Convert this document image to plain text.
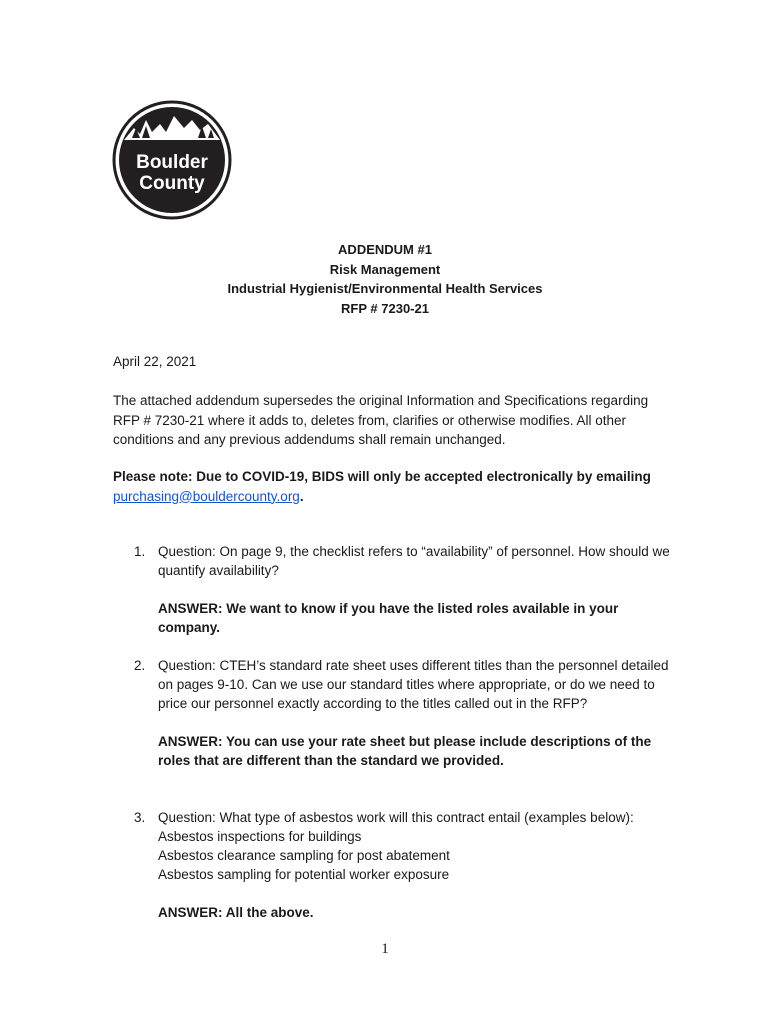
Boulder
County
ADDENDUM #1
Risk Management
Industrial Hygienist/Environmental Health Services
RFP # 7230-21
April 22, 2021
The attached addendum supersedes the original Information and Specifications regarding RFP # 7230-21 where it adds to, deletes from, clarifies or otherwise modifies. All other conditions and any previous addendums shall remain unchanged.
Please note: Due to COVID-19, BIDS will only be accepted electronically by emailing purchasing@bouldercounty.org.
1. Question: On page 9, the checklist refers to “availability” of personnel. How should we quantify availability?
ANSWER: We want to know if you have the listed roles available in your company.
2. Question: CTEH’s standard rate sheet uses different titles than the personnel detailed on pages 9-10. Can we use our standard titles where appropriate, or do we need to price our personnel exactly according to the titles called out in the RFP?
ANSWER: You can use your rate sheet but please include descriptions of the roles that are different than the standard we provided.
3. Question: What type of asbestos work will this contract entail (examples below):
Asbestos inspections for buildings
Asbestos clearance sampling for post abatement
Asbestos sampling for potential worker exposure
ANSWER: All the above.
1
